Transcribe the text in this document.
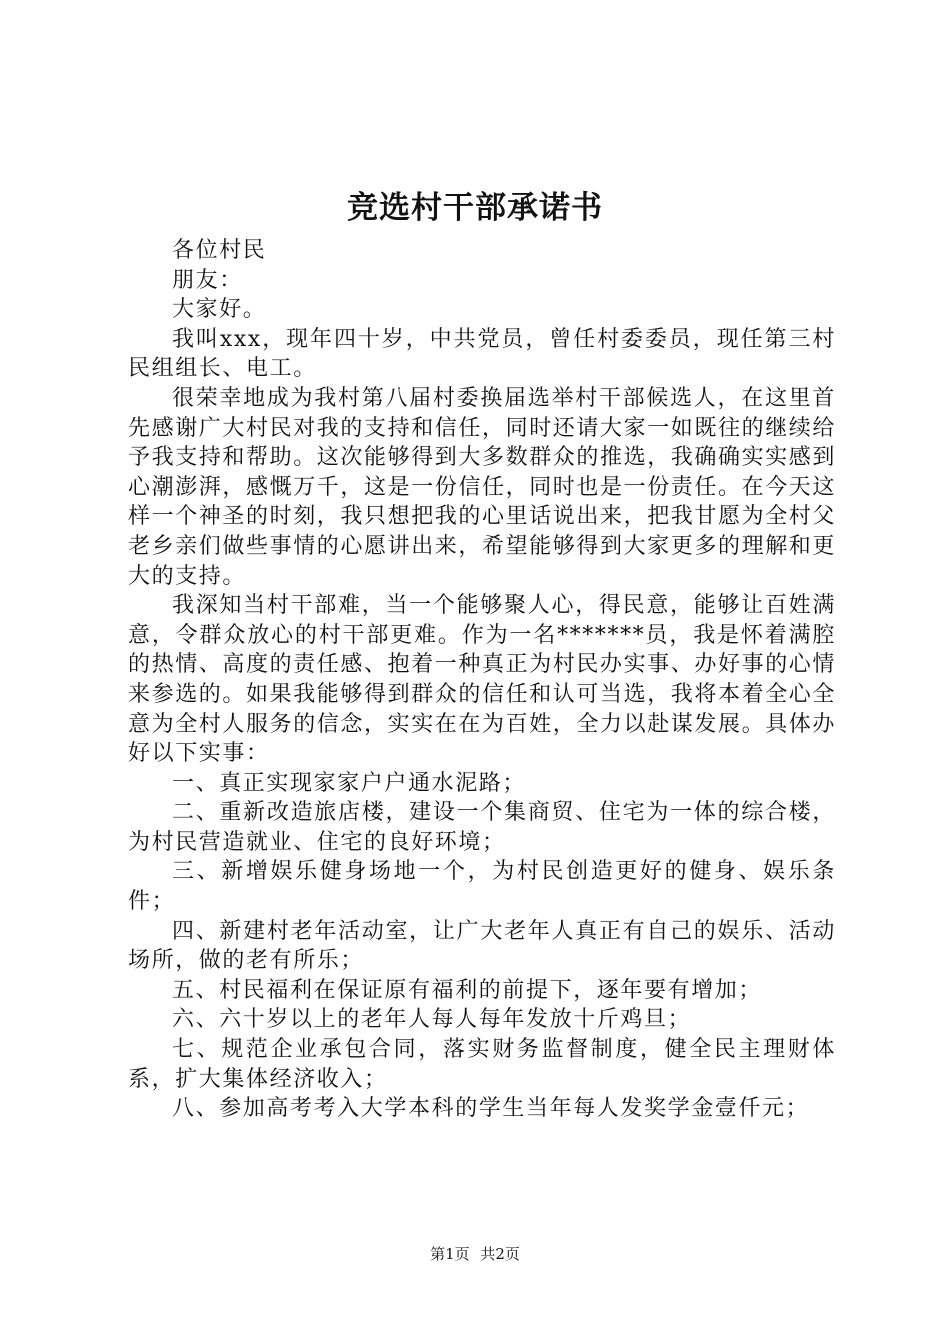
竞选村干部承诺书

各位村民

朋友：

大家好。

我叫xxx，现年四十岁，中共党员，曾任村委委员，现任第三村民组组长、电工。

很荣幸地成为我村第八届村委换届选举村干部候选人，在这里首先感谢广大村民对我的支持和信任，同时还请大家一如既往的继续给予我支持和帮助。这次能够得到大多数群众的推选，我确确实实感到心潮澎湃，感慨万千，这是一份信任，同时也是一份责任。在今天这样一个神圣的时刻，我只想把我的心里话说出来，把我甘愿为全村父老乡亲们做些事情的心愿讲出来，希望能够得到大家更多的理解和更大的支持。

我深知当村干部难，当一个能够聚人心，得民意，能够让百姓满意，令群众放心的村干部更难。作为一名*******员，我是怀着满腔的热情、高度的责任感、抱着一种真正为村民办实事、办好事的心情来参选的。如果我能够得到群众的信任和认可当选，我将本着全心全意为全村人服务的信念，实实在在为百姓，全力以赴谋发展。具体办好以下实事：

一、真正实现家家户户通水泥路；

二、重新改造旅店楼，建设一个集商贸、住宅为一体的综合楼，为村民营造就业、住宅的良好环境；

三、新增娱乐健身场地一个，为村民创造更好的健身、娱乐条件；

四、新建村老年活动室，让广大老年人真正有自己的娱乐、活动场所，做的老有所乐；

五、村民福利在保证原有福利的前提下，逐年要有增加；

六、六十岁以上的老年人每人每年发放十斤鸡旦；

七、规范企业承包合同，落实财务监督制度，健全民主理财体系，扩大集体经济收入；

八、参加高考考入大学本科的学生当年每人发奖学金壹仟元；

第1页 共2页
